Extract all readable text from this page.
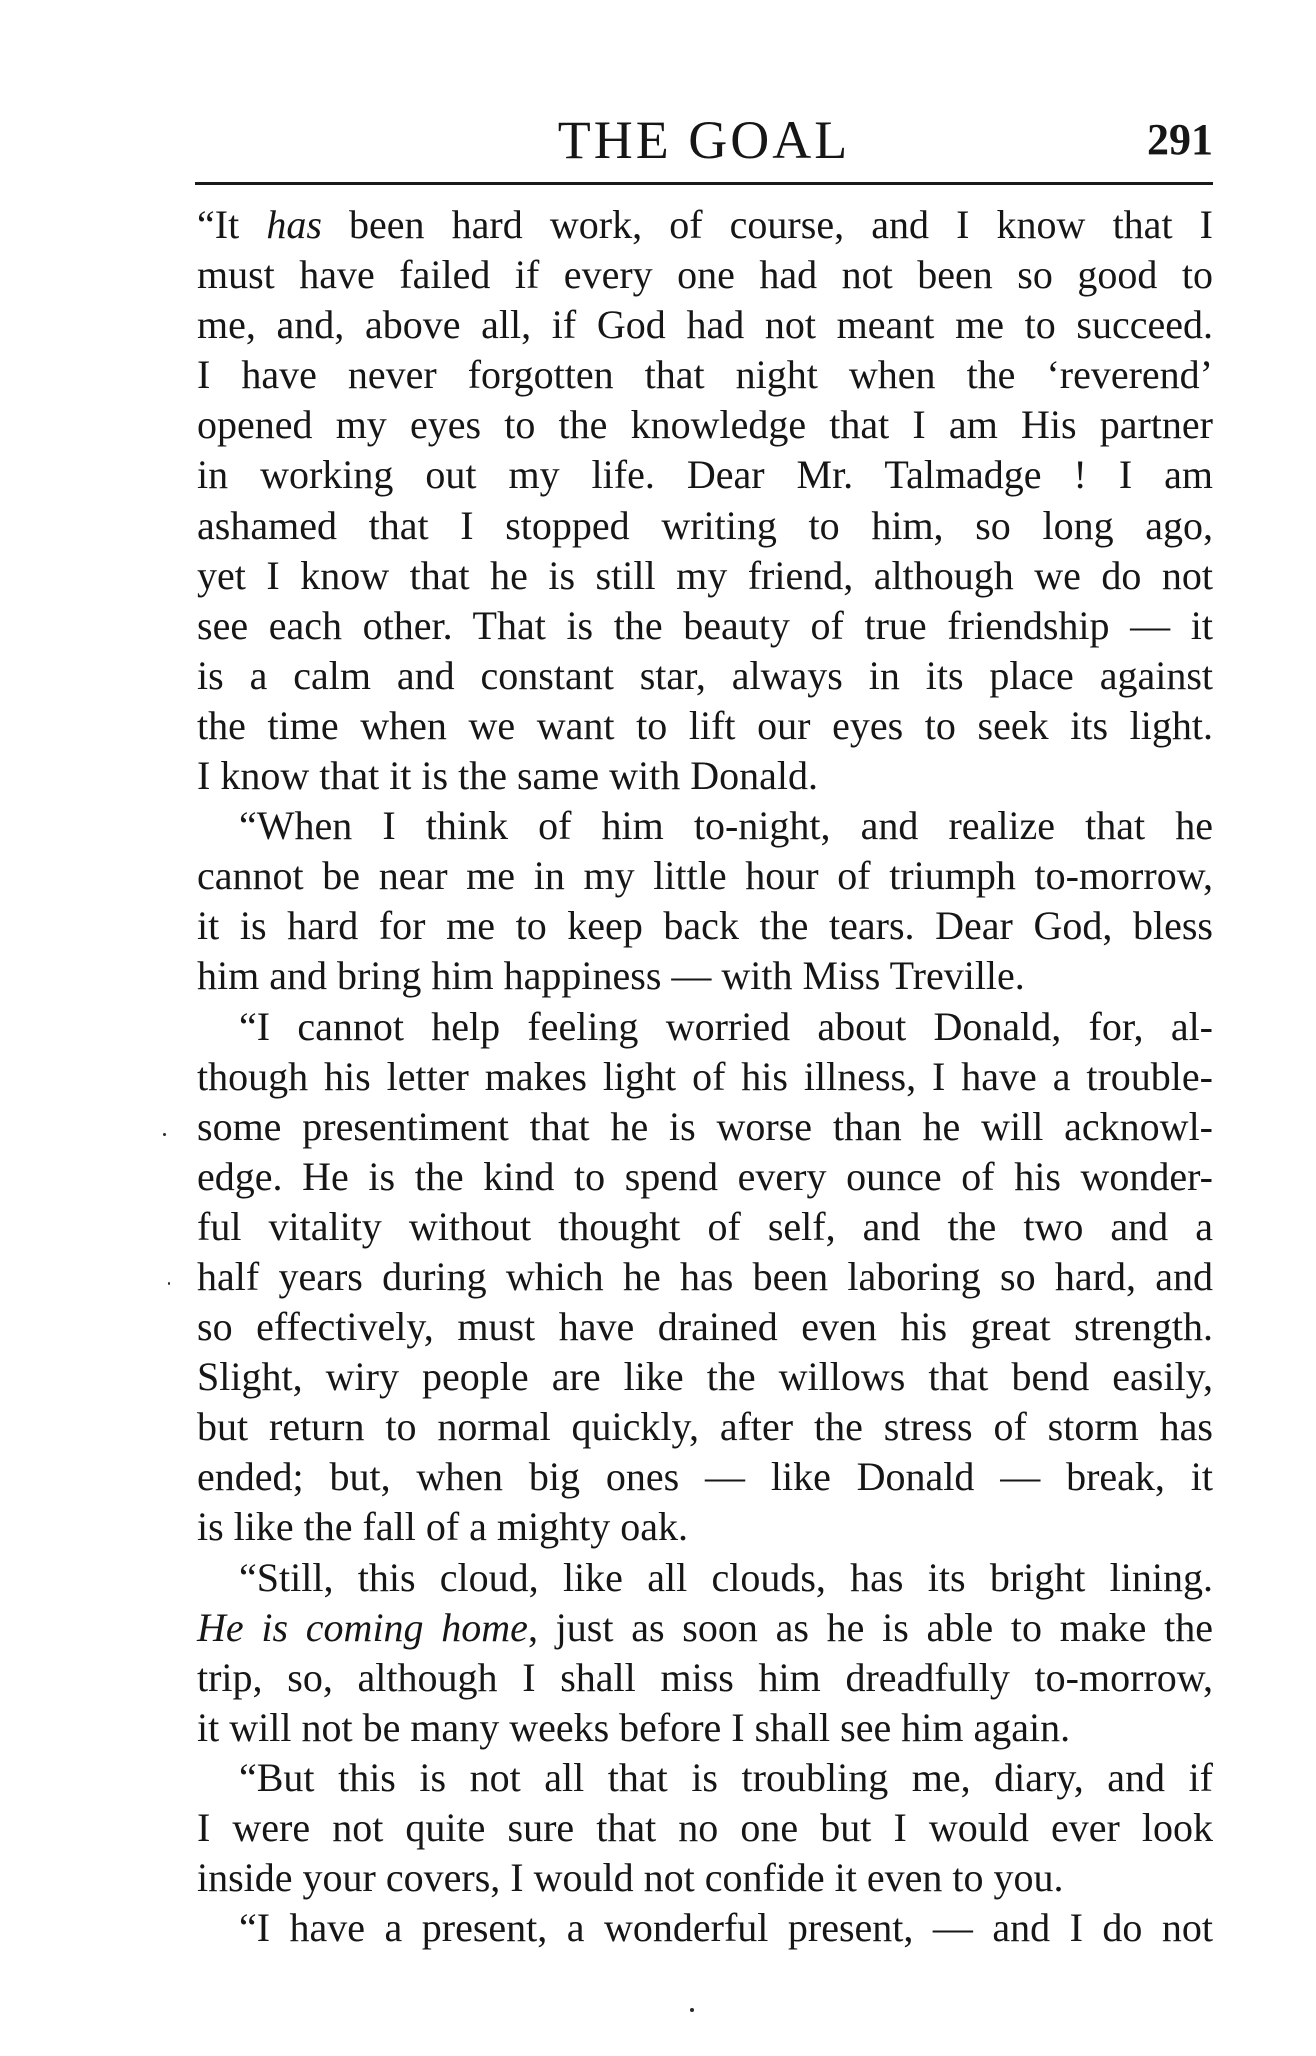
THE GOAL	291
“It has been hard work, of course, and I know that I
must have failed if every one had not been so good to
me, and, above all, if God had not meant me to succeed.
I have never forgotten that night when the ‘reverend’
opened my eyes to the knowledge that I am His partner
in working out my life. Dear Mr. Talmadge ! I am
ashamed that I stopped writing to him, so long ago,
yet I know that he is still my friend, although we do not
see each other. That is the beauty of true friendship — it
is a calm and constant star, always in its place against
the time when we want to lift our eyes to seek its light.
I know that it is the same with Donald.
“When I think of him to-night, and realize that he
cannot be near me in my little hour of triumph to-morrow,
it is hard for me to keep back the tears. Dear God, bless
him and bring him happiness — with Miss Treville.
“I cannot help feeling worried about Donald, for, al-
though his letter makes light of his illness, I have a trouble-
some presentiment that he is worse than he will acknowl-
edge. He is the kind to spend every ounce of his wonder-
ful vitality without thought of self, and the two and a
half years during which he has been laboring so hard, and
so effectively, must have drained even his great strength.
Slight, wiry people are like the willows that bend easily,
but return to normal quickly, after the stress of storm has
ended; but, when big ones — like Donald — break, it
is like the fall of a mighty oak.
“Still, this cloud, like all clouds, has its bright lining.
He is coming home, just as soon as he is able to make the
trip, so, although I shall miss him dreadfully to-morrow,
it will not be many weeks before I shall see him again.
“But this is not all that is troubling me, diary, and if
I were not quite sure that no one but I would ever look
inside your covers, I would not confide it even to you.
“I have a present, a wonderful present, — and I do not
